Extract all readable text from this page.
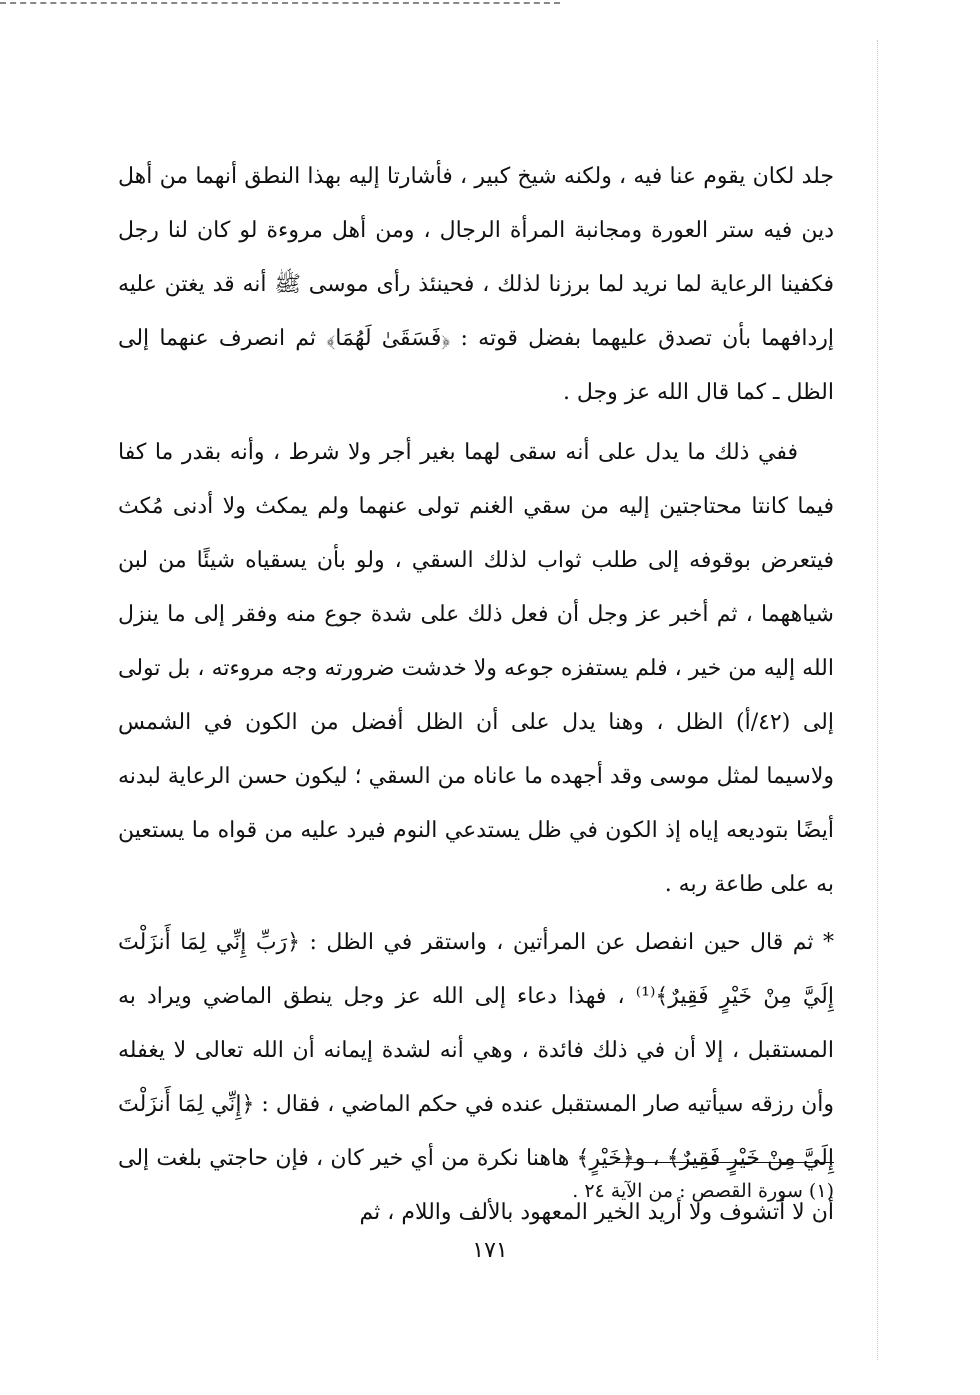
جلد لكان يقوم عنا فيه ، ولكنه شيخ كبير ، فأشارتا إليه بهذا النطق أنهما من أهل دين فيه ستر العورة ومجانبة المرأة الرجال ، ومن أهل مروءة لو كان لنا رجل فكفينا الرعاية لما نريد لما برزنا لذلك ، فحينئذ رأى موسى ﷺ أنه قد يغتن عليه إردافهما بأن تصدق عليهما بفضل قوته : ﴿فَسَقَىٰ لَهُمَا﴾ ثم انصرف عنهما إلى الظل ـ كما قال الله عز وجل .

ففي ذلك ما يدل على أنه سقى لهما بغير أجر ولا شرط ، وأنه بقدر ما كفا فيما كانتا محتاجتين إليه من سقي الغنم تولى عنهما ولم يمكث ولا أدنى مُكث فيتعرض بوقوفه إلى طلب ثواب لذلك السقي ، ولو بأن يسقياه شيئًا من لبن شياههما ، ثم أخبر عز وجل أن فعل ذلك على شدة جوع منه وفقر إلى ما ينزل الله إليه من خير ، فلم يستفزه جوعه ولا خدشت ضرورته وجه مروءته ، بل تولى إلى (٤٢/أ) الظل ، وهنا يدل على أن الظل أفضل من الكون في الشمس ولاسيما لمثل موسى وقد أجهده ما عاناه من السقي ؛ ليكون حسن الرعاية لبدنه أيضًا بتوديعه إياه إذ الكون في ظل يستدعي النوم فيرد عليه من قواه ما يستعين به على طاعة ربه .

* ثم قال حين انفصل عن المرأتين ، واستقر في الظل : ﴿رَبِّ إِنِّي لِمَا أَنزَلْتَ إِلَيَّ مِنْ خَيْرٍ فَقِيرٌ﴾⁽¹⁾ ، فهذا دعاء إلى الله عز وجل ينطق الماضي ويراد به المستقبل ، إلا أن في ذلك فائدة ، وهي أنه لشدة إيمانه أن الله تعالى لا يغفله وأن رزقه سيأتيه صار المستقبل عنده في حكم الماضي ، فقال : ﴿إِنِّي لِمَا أَنزَلْتَ إِلَيَّ مِنْ خَيْرٍ فَقِيرٌ﴾ ، و﴿خَيْرٍ﴾ هاهنا نكرة من أي خير كان ، فإن حاجتي بلغت إلى أن لا أتشوف ولا أريد الخير المعهود بالألف واللام ، ثم

(١) سورة القصص : من الآية ٢٤ .
١٧١
